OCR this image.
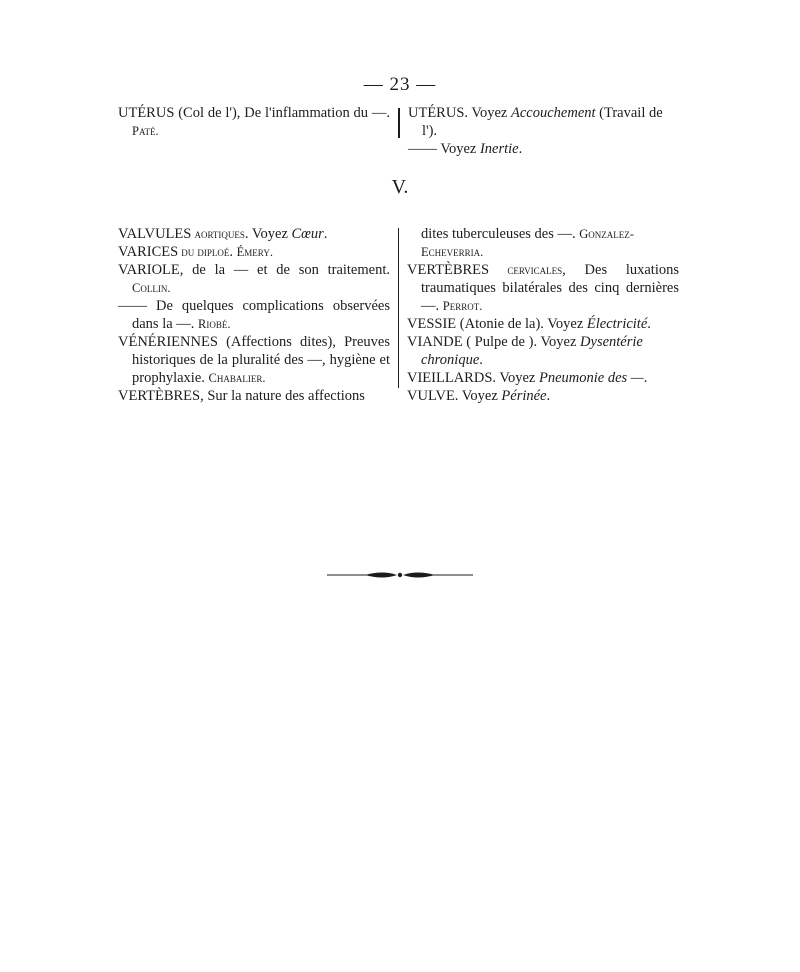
— 23 —
UTÉRUS (Col de l'), De l'inflammation du —. Paté.
UTÉRUS. Voyez Accouchement (Travail de l').
—— Voyez Inertie.
V.
VALVULES aortiques. Voyez Cœur.
VARICES du diploé. Émery.
VARIOLE, de la — et de son traitement. Collin.
—— De quelques complications observées dans la —. Riobé.
VÉNÉRIENNES (Affections dites), Preuves historiques de la pluralité des —, hygiène et prophylaxie. Chabalier.
VERTÈBRES, Sur la nature des affections
dites tuberculeuses des —. Gonzalez-Echeverria.
VERTÈBRES cervicales, Des luxations traumatiques bilatérales des cinq dernières —. Perrot.
VESSIE (Atonie de la). Voyez Électricité.
VIANDE ( Pulpe de ). Voyez Dysentérie chronique.
VIEILLARDS. Voyez Pneumonie des —.
VULVE. Voyez Périnée.
